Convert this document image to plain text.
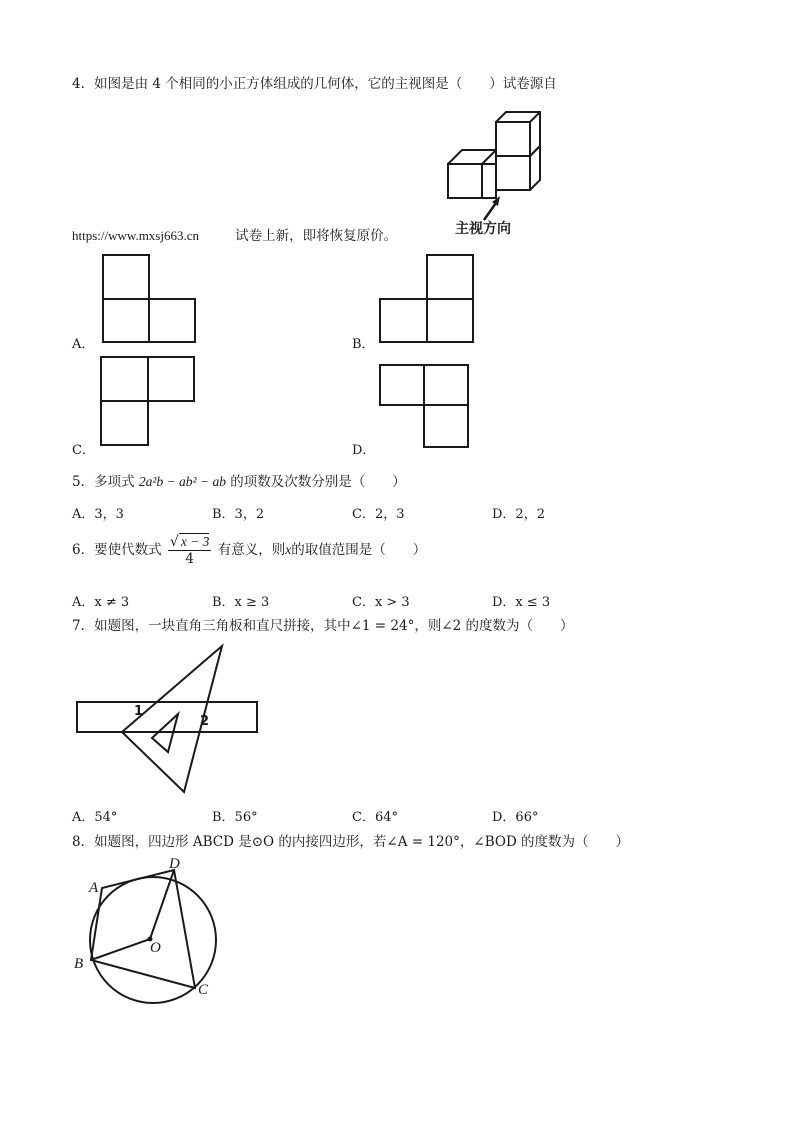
4．如图是由 4 个相同的小正方体组成的几何体，它的主视图是（　　）试卷源自
主视方向
https://www.mxsj663.cn	试卷上新，即将恢复原价。
A．	B．
C．	D．
5．多项式 2a²b − ab² − ab 的项数及次数分别是（　　）
A．3，3	B．3，2	C．2，3	D．2，2
6．要使代数式 $\frac{√ x - 3}{4}$ 有意义，则x的取值范围是（　　）
A．x ≠ 3	B．x ≥ 3	C．x > 3	D．x ≤ 3
7．如题图，一块直角三角板和直尺拼接，其中∠1 = 24°，则∠2 的度数为（　　）
1
2
A．54°	B．56°	C．64°	D．66°
8．如题图，四边形 ABCD 是⊙O 的内接四边形，若∠A = 120°，∠BOD 的度数为（　　）
A
D
B
C
O
